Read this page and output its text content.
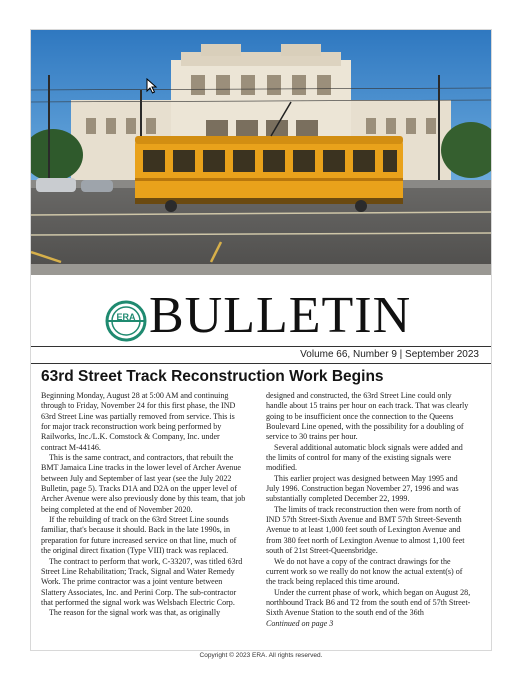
ERA BULLETIN
Volume 66, Number 9 | September 2023
63rd Street Track Reconstruction Work Begins

Beginning Monday, August 28 at 5:00 AM and continuing through to Friday, November 24 for this first phase, the IND 63rd Street Line was partially removed from service. This is for major track reconstruction work being performed by Railworks, Inc./L.K. Comstock & Company, Inc. under contract M-44146.

This is the same contract, and contractors, that rebuilt the BMT Jamaica Line tracks in the lower level of Archer Avenue between July and September of last year (see the July 2022 Bulletin, page 5). Tracks D1A and D2A on the upper level of Archer Avenue were also previously done by this team, that job being completed at the end of November 2020.

If the rebuilding of track on the 63rd Street Line sounds familiar, that's because it should. Back in the late 1990s, in preparation for future increased service on that line, much of the original direct fixation (Type VIII) track was replaced.

The contract to perform that work, C-33207, was titled 63rd Street Line Rehabilitation; Track, Signal and Water Remedy Work. The prime contractor was a joint venture between Slattery Associates, Inc. and Perini Corp. The sub-contractor that performed the signal work was Welsbach Electric Corp.

The reason for the signal work was that, as originally

designed and constructed, the 63rd Street Line could only handle about 15 trains per hour on each track. That was clearly going to be insufficient once the connection to the Queens Boulevard Line opened, with the possibility for a doubling of service to 30 trains per hour.

Several additional automatic block signals were added and the limits of control for many of the existing signals were modified.

This earlier project was designed between May 1995 and July 1996. Construction began November 27, 1996 and was substantially completed December 22, 1999.

The limits of track reconstruction then were from north of IND 57th Street-Sixth Avenue and BMT 57th Street-Seventh Avenue to at least 1,000 feet south of Lexington Avenue and from 380 feet north of Lexington Avenue to almost 1,100 feet south of 21st Street-Queensbridge.

We do not have a copy of the contract drawings for the current work so we really do not know the actual extent(s) of the track being replaced this time around.

Under the current phase of work, which began on August 28, northbound Track B6 and T2 from the south end of 57th Street-Sixth Avenue Station to the south end of the 36th

Continued on page 3

Copyright © 2023 ERA. All rights reserved.
